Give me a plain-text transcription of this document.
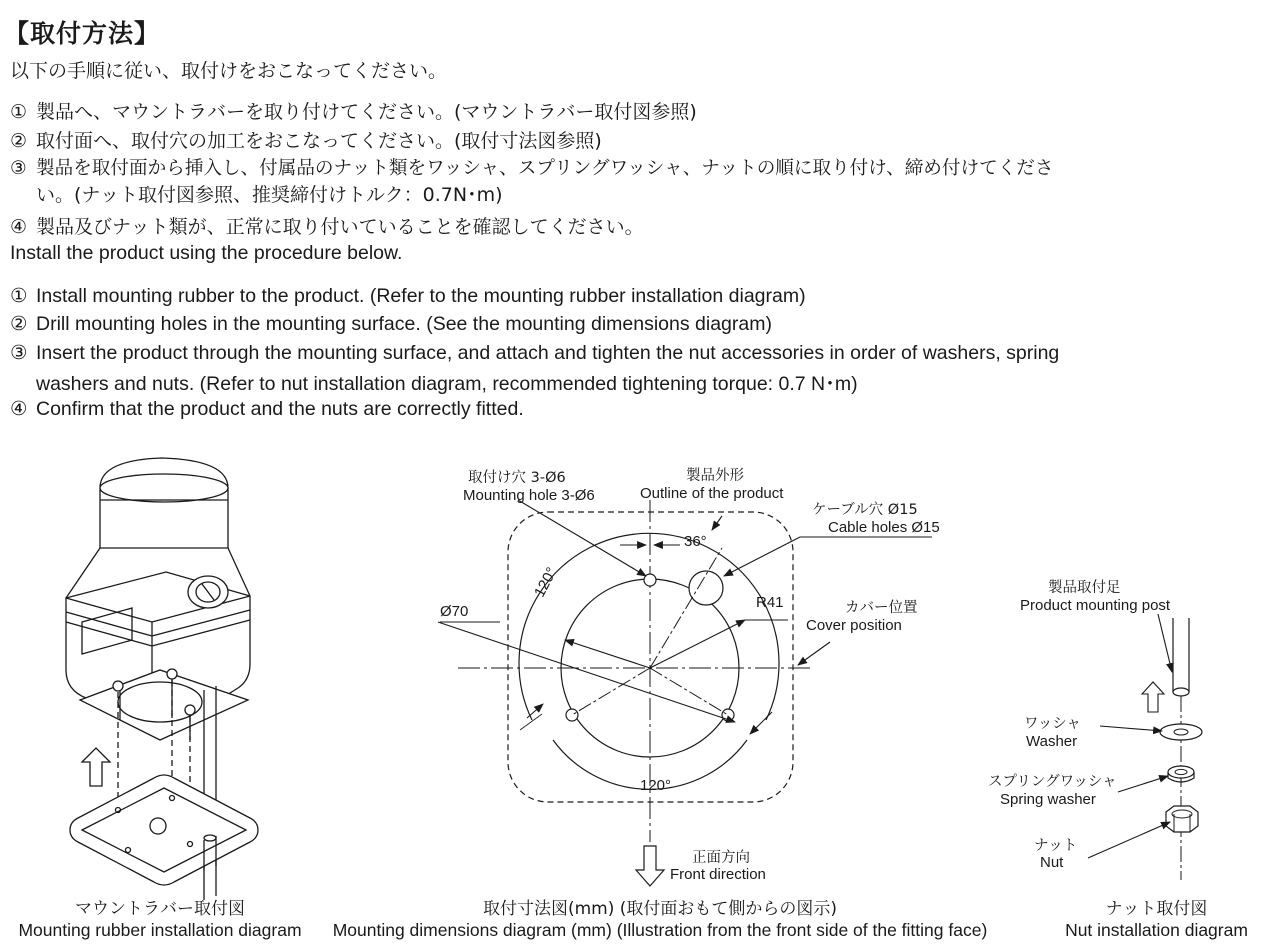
【取付方法】
以下の手順に従い、取付けをおこなってください。
① 製品へ、マウントラバーを取り付けてください。(マウントラバー取付図参照)
② 取付面へ、取付穴の加工をおこなってください。(取付寸法図参照)
③ 製品を取付面から挿入し、付属品のナット類をワッシャ、スプリングワッシャ、ナットの順に取り付け、締め付けてくださ
い。(ナット取付図参照、推奨締付けトルク：0.7N･m)
④ 製品及びナット類が、正常に取り付いていることを確認してください。
Install the product using the procedure below.
① Install mounting rubber to the product. (Refer to the mounting rubber installation diagram)
② Drill mounting holes in the mounting surface. (See the mounting dimensions diagram)
③ Insert the product through the mounting surface, and attach and tighten the nut accessories in order of washers, spring
washers and nuts. (Refer to nut installation diagram, recommended tightening torque: 0.7 N･m)
④ Confirm that the product and the nuts are correctly fitted.
取付け穴 3-Ø6
Mounting hole 3-Ø6
製品外形
Outline of the product
ケーブル穴 Ø15
Cable holes Ø15
36°
120°
120°
R41
Ø70	カバー位置
Cover position
正面方向
Front direction
製品取付足
Product mounting post
ワッシャ
Washer
スプリングワッシャ
Spring washer
ナット
Nut
マウントラバー取付図
Mounting rubber installation diagram
取付寸法図(mm) (取付面おもて側からの図示)
Mounting dimensions diagram (mm) (Illustration from the front side of the fitting face)
ナット取付図
Nut installation diagram
